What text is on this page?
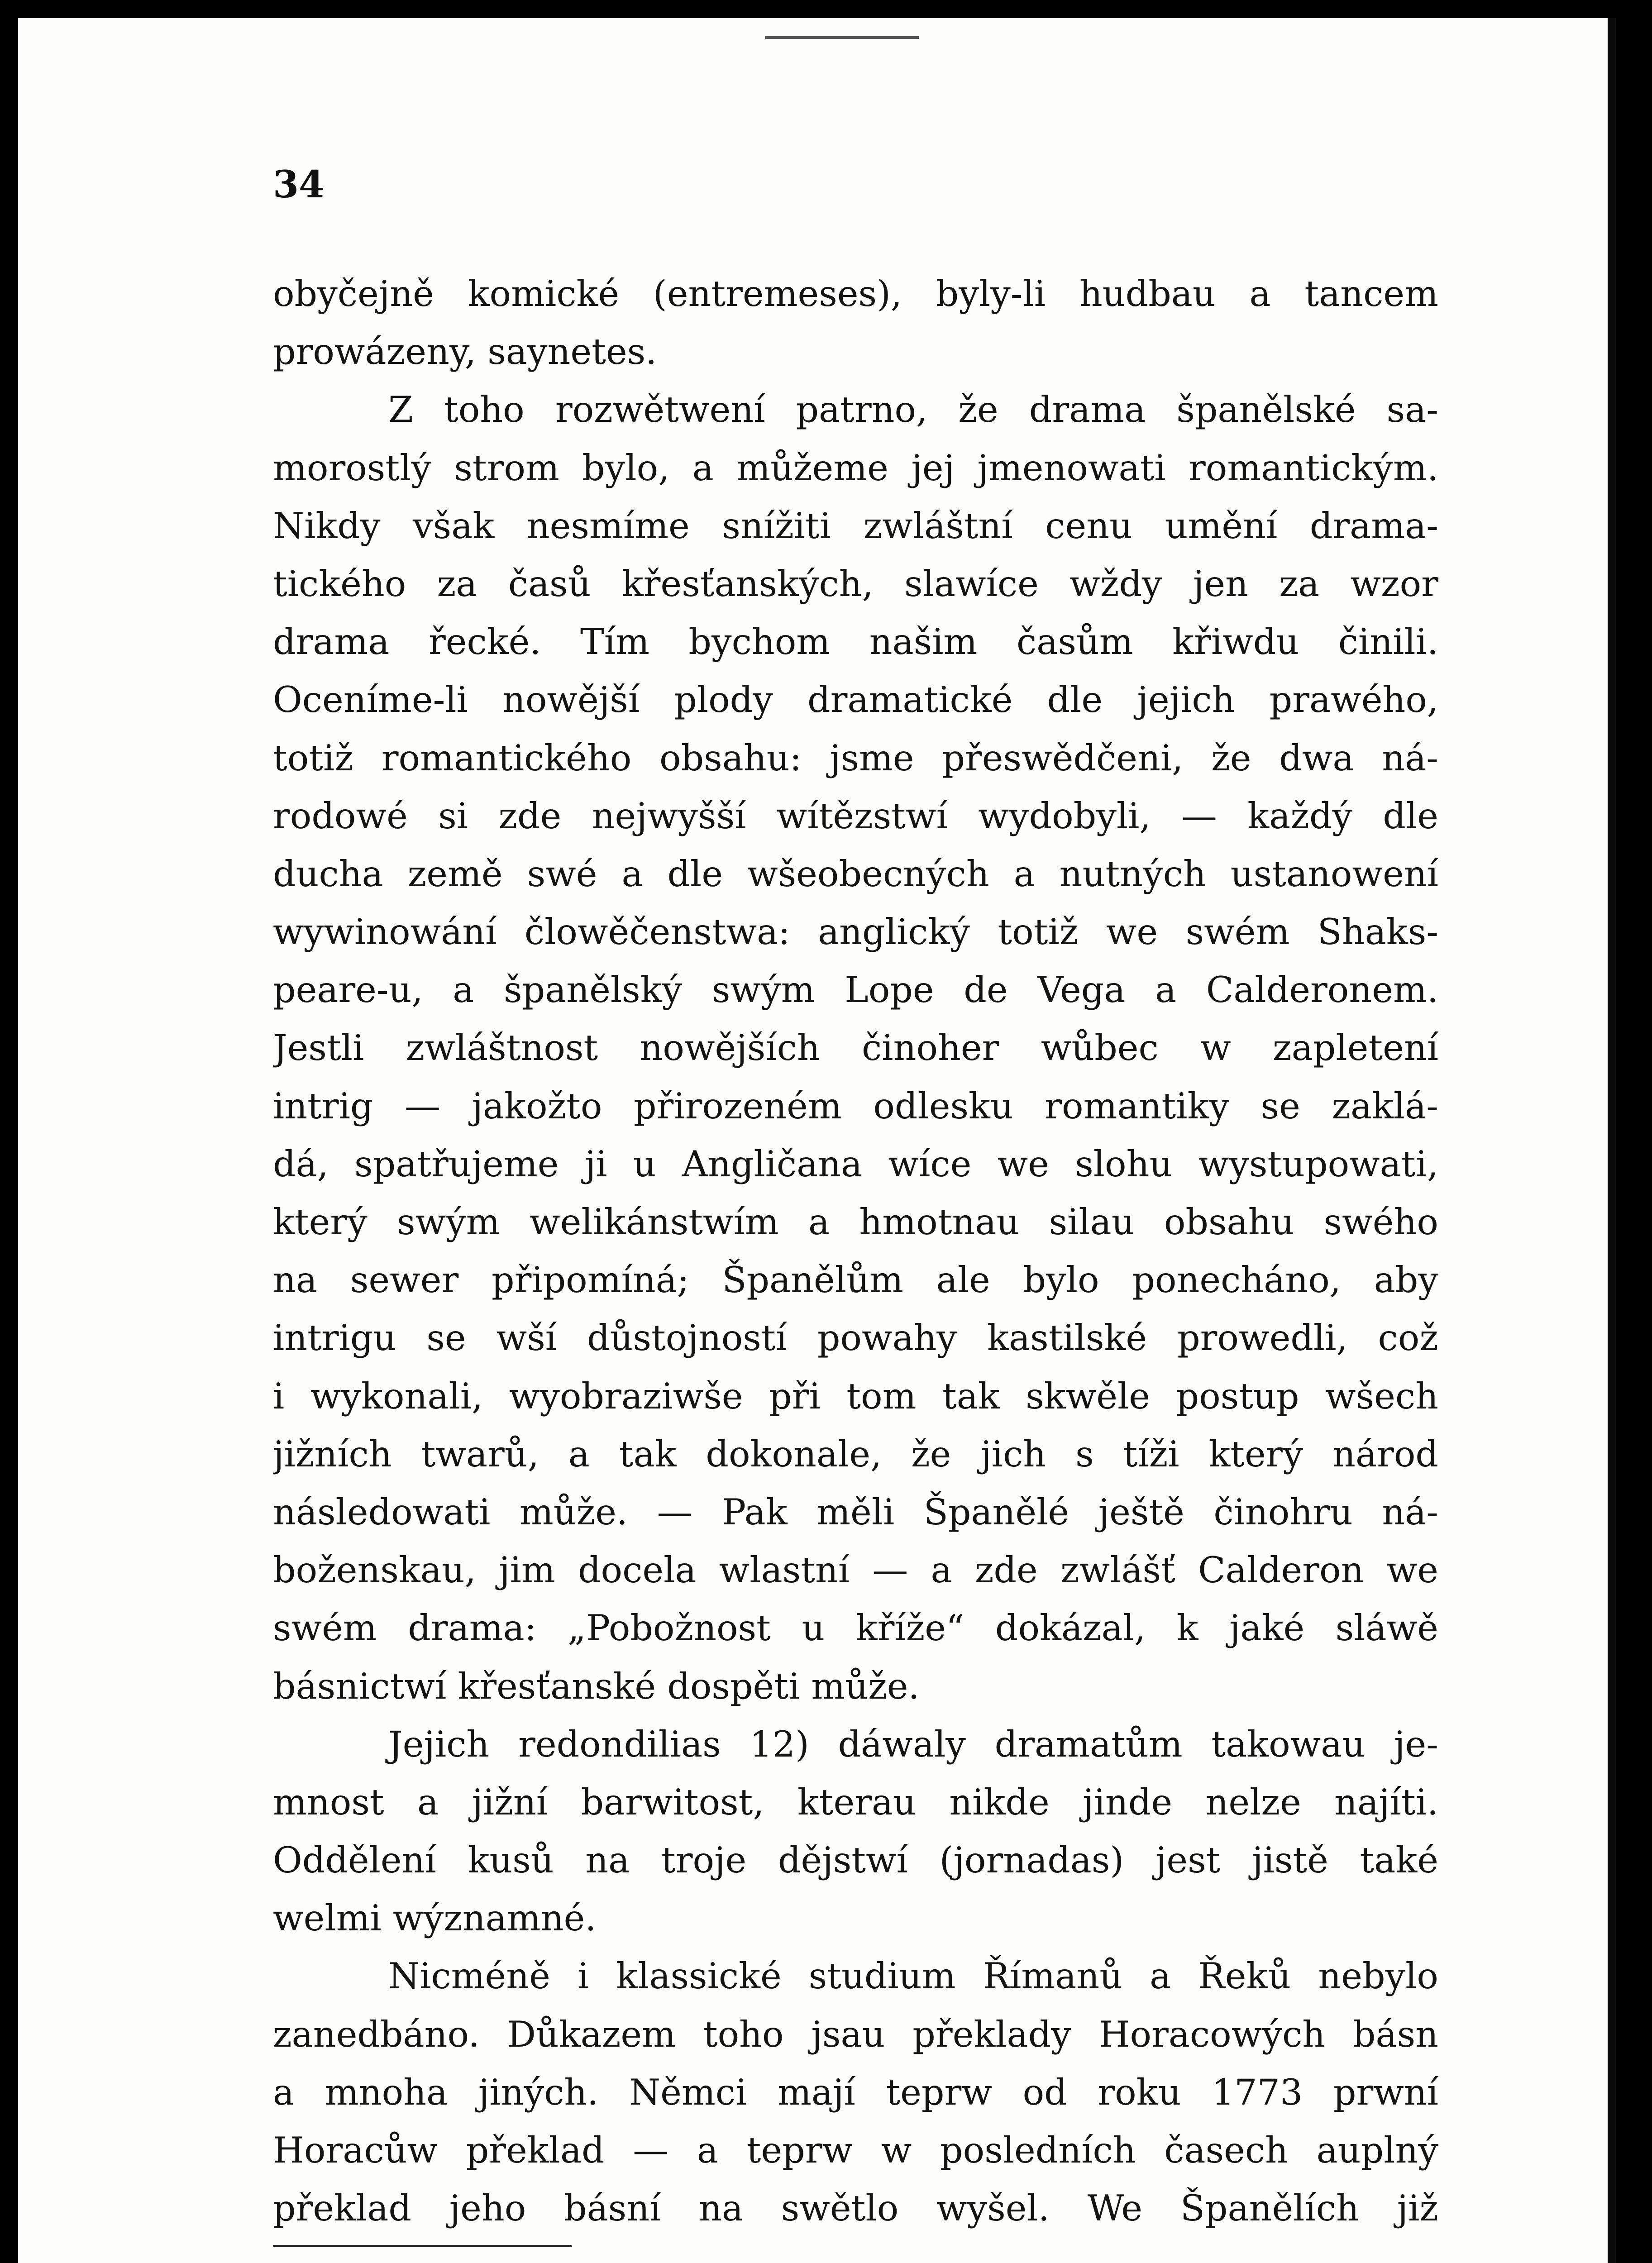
34
obyčejně komické (entremeses), byly-li hudbau a tancem
prowázeny, saynetes.
Z toho rozwětwení patrno, že drama španělské sa-
morostlý strom bylo, a můžeme jej jmenowati romantickým.
Nikdy však nesmíme snížiti zwláštní cenu umění drama-
tického za časů křesťanských, slawíce wždy jen za wzor
drama řecké. Tím bychom našim časům křiwdu činili.
Oceníme-li nowější plody dramatické dle jejich prawého,
totiž romantického obsahu: jsme přeswědčeni, že dwa ná-
rodowé si zde nejwyšší wítězstwí wydobyli, — každý dle
ducha země swé a dle wšeobecných a nutných ustanowení
wywinowání člowěčenstwa: anglický totiž we swém Shaks-
peare-u, a španělský swým Lope de Vega a Calderonem.
Jestli zwláštnost nowějších činoher wůbec w zapletení
intrig — jakožto přirozeném odlesku romantiky se zaklá-
dá, spatřujeme ji u Angličana wíce we slohu wystupowati,
který swým welikánstwím a hmotnau silau obsahu swého
na sewer připomíná; Španělům ale bylo ponecháno, aby
intrigu se wší důstojností powahy kastilské prowedli, což
i wykonali, wyobraziwše při tom tak skwěle postup wšech
jižních twarů, a tak dokonale, že jich s tíži který národ
následowati může. — Pak měli Španělé ještě činohru ná-
boženskau, jim docela wlastní — a zde zwlášť Calderon we
swém drama: „Pobožnost u kříže“ dokázal, k jaké sláwě
básnictwí křesťanské dospěti může.
Jejich redondilias 12) dáwaly dramatům takowau je-
mnost a jižní barwitost, kterau nikde jinde nelze najíti.
Oddělení kusů na troje dějstwí (jornadas) jest jistě také
welmi wýznamné.
Nicméně i klassické studium Římanů a Řeků nebylo
zanedbáno. Důkazem toho jsau překlady Horacowých básn
a mnoha jiných. Němci mají teprw od roku 1773 prwní
Horacůw překlad — a teprw w posledních časech auplný
překlad jeho básní na swětlo wyšel. We Španělích již
